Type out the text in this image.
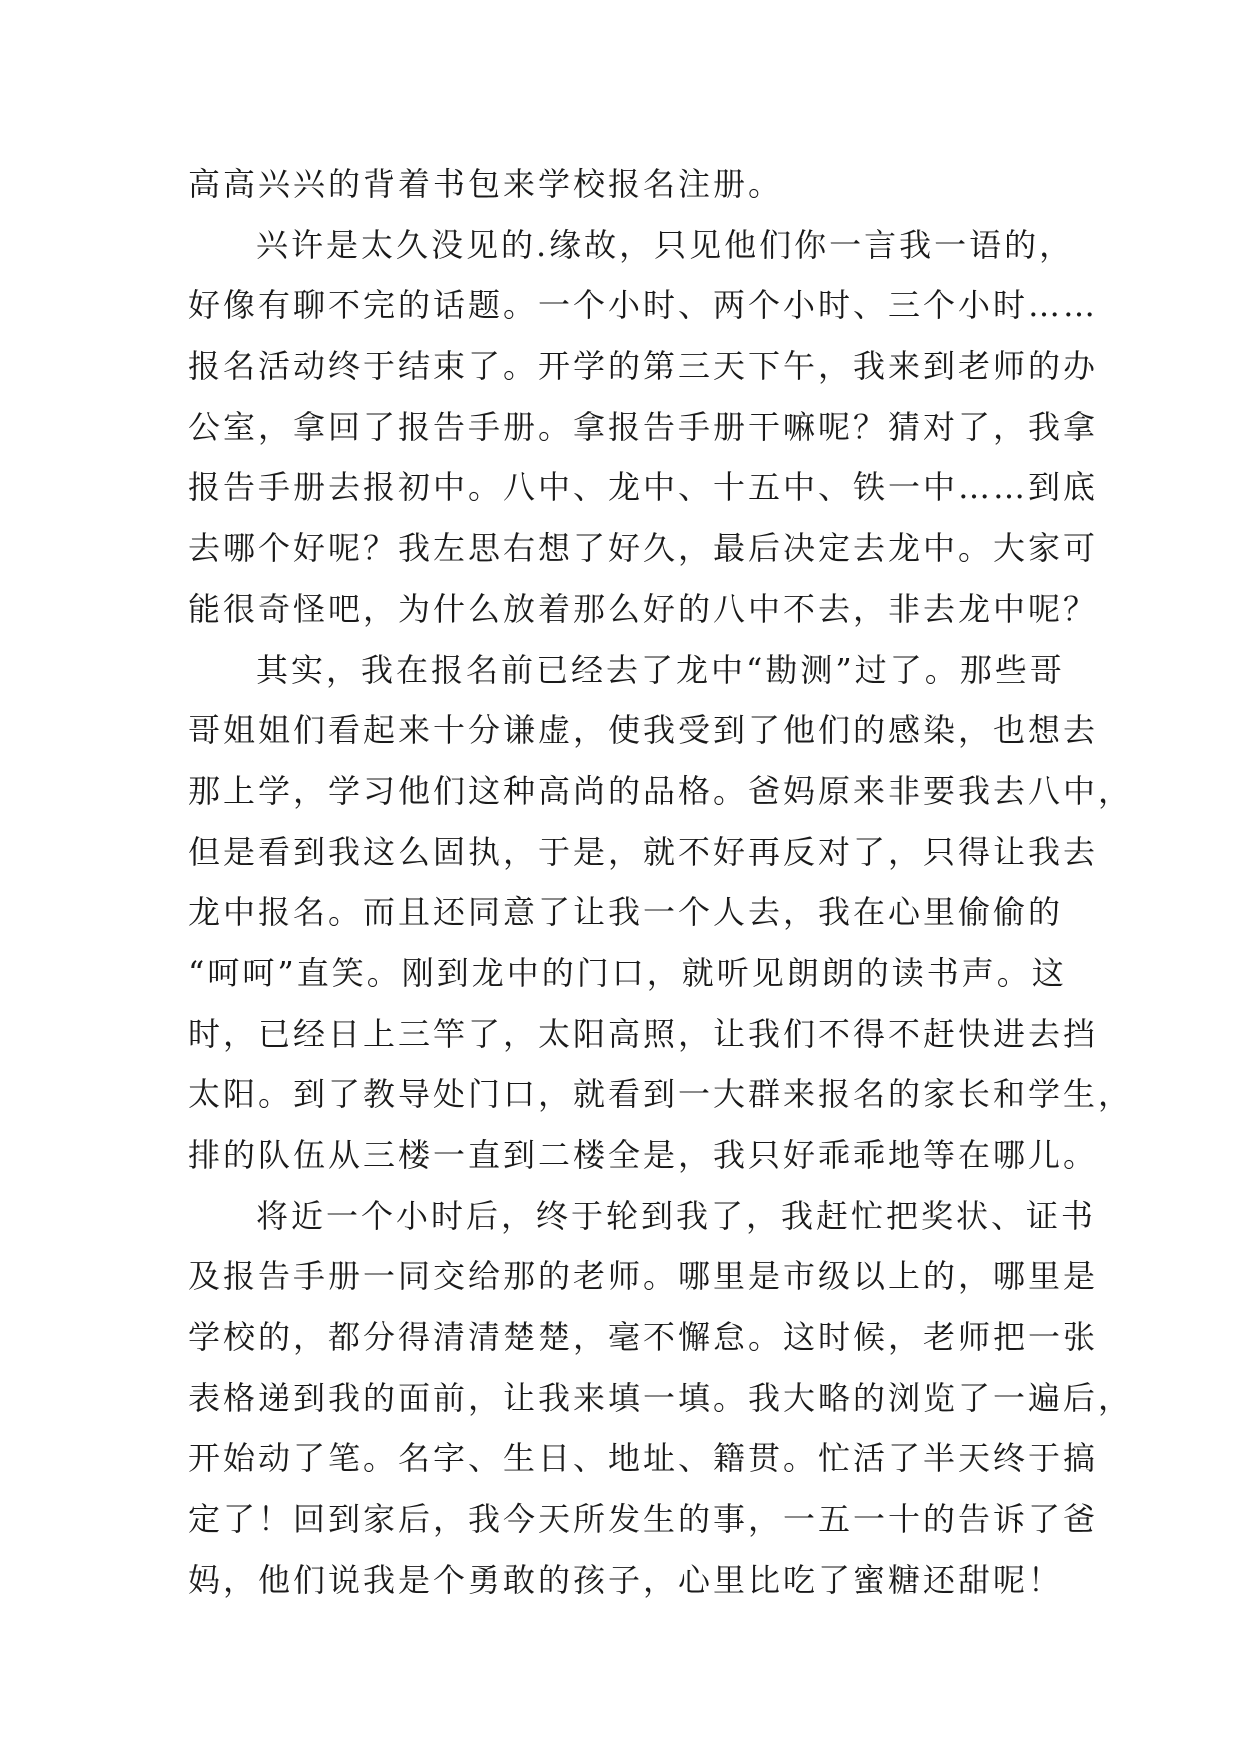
高高兴兴的背着书包来学校报名注册。
兴许是太久没见的.缘故，只见他们你一言我一语的，
好像有聊不完的话题。一个小时、两个小时、三个小时……
报名活动终于结束了。开学的第三天下午，我来到老师的办
公室，拿回了报告手册。拿报告手册干嘛呢？猜对了，我拿
报告手册去报初中。八中、龙中、十五中、铁一中……到底
去哪个好呢？我左思右想了好久，最后决定去龙中。大家可
能很奇怪吧，为什么放着那么好的八中不去，非去龙中呢？
其实，我在报名前已经去了龙中“勘测”过了。那些哥
哥姐姐们看起来十分谦虚，使我受到了他们的感染，也想去
那上学，学习他们这种高尚的品格。爸妈原来非要我去八中，
但是看到我这么固执，于是，就不好再反对了，只得让我去
龙中报名。而且还同意了让我一个人去，我在心里偷偷的
“呵呵”直笑。刚到龙中的门口，就听见朗朗的读书声。这
时，已经日上三竿了，太阳高照，让我们不得不赶快进去挡
太阳。到了教导处门口，就看到一大群来报名的家长和学生，
排的队伍从三楼一直到二楼全是，我只好乖乖地等在哪儿。
将近一个小时后，终于轮到我了，我赶忙把奖状、证书
及报告手册一同交给那的老师。哪里是市级以上的，哪里是
学校的，都分得清清楚楚，毫不懈怠。这时候，老师把一张
表格递到我的面前，让我来填一填。我大略的浏览了一遍后，
开始动了笔。名字、生日、地址、籍贯。忙活了半天终于搞
定了！回到家后，我今天所发生的事，一五一十的告诉了爸
妈，他们说我是个勇敢的孩子，心里比吃了蜜糖还甜呢！
